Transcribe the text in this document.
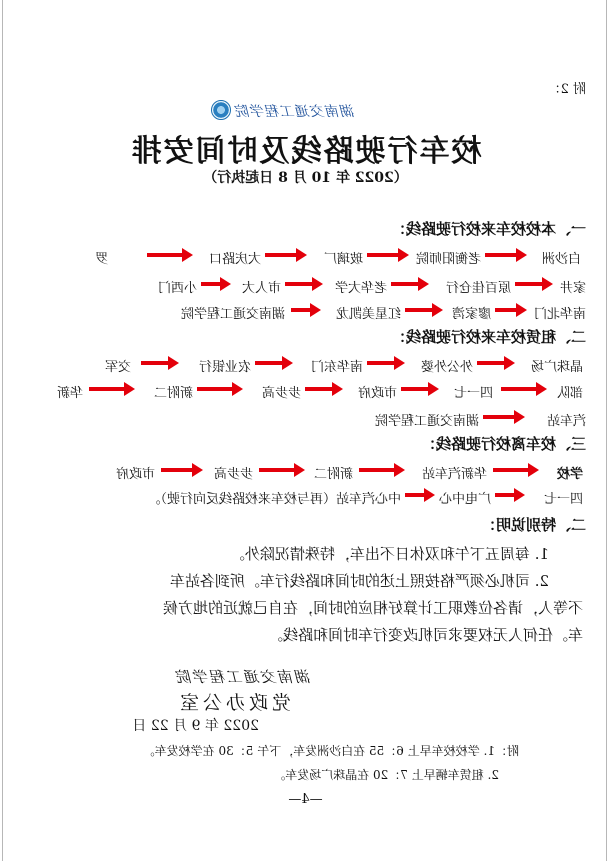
附 2：
湖南交通工程学院
校车行驶路线及时间安排
（2022 年 10 月 8 日起执行）
一、本校校车来校行驶路线：
白沙洲
老衡阳师院
玻璃厂
大庆路口
罗
家井
原百佳仓行
老华大学
市人大
小西门
南华北门
廖家湾
红星美凯龙
湖南交通工程学院
二、租赁校车来校行驶路线：
晶珠广场
外公外婆
南华东门
农业银行
交军
部队
四一七
市政府
步步高
新附二
华新
汽车站
湖南交通工程学院
三、校车离校行驶路线：
学校
华新汽车站
新附二
步步高
市政府
四一七
广电中心
中心汽车站（再与校车来校路线反向行驶）。
二、特别说明：
1. 每周五下午和双休日不出车，特殊情况除外。
2. 司机必须严格按照上述的时间和路线行车。所到各站车
不等人，请各位教职工计算好相应的时间，在自己就近的地方候
车。任何人无权要求司机改变行车时间和路线。
湖南交通工程学院
党政办公室
2022 年 9 月 22 日
附：1. 学校校车早上 6：55 在白沙洲发车，下午 5：30 在学校发车。
2. 租赁车辆早上 7：20 在晶珠广场发车。
—4—
